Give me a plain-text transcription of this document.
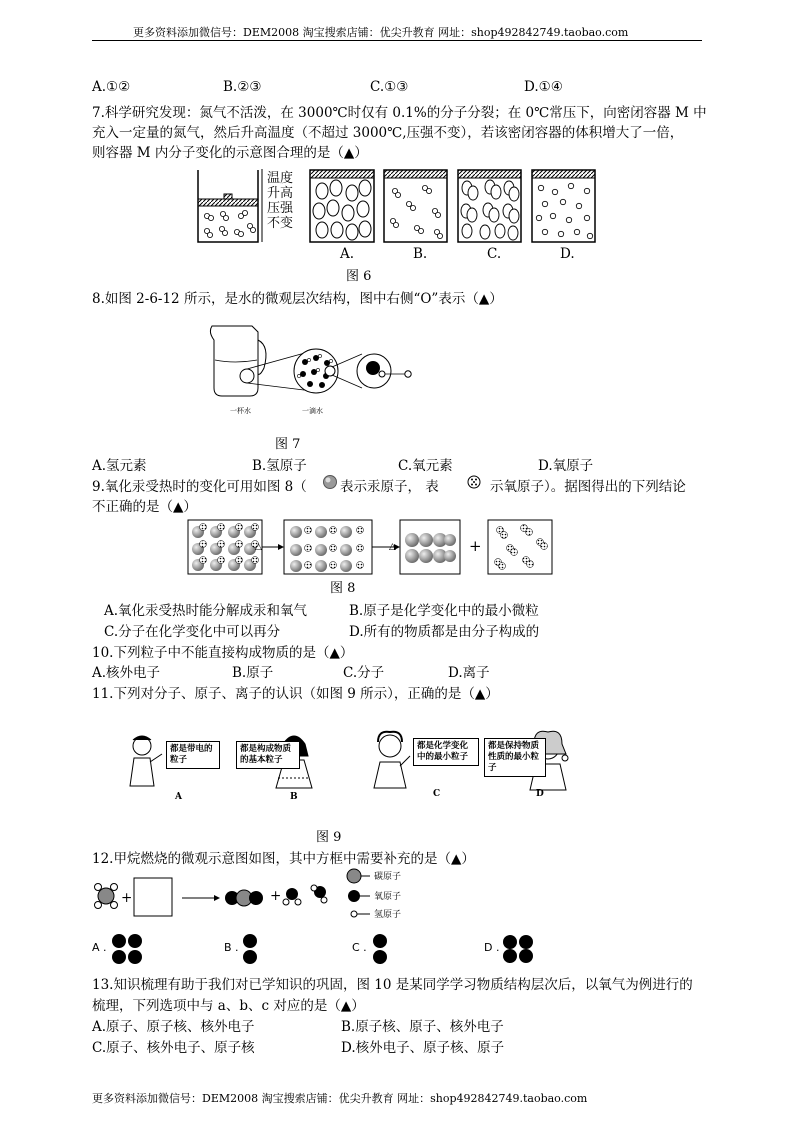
更多资料添加微信号：DEM2008 淘宝搜索店铺：优尖升教育 网址：shop492842749.taobao.com
A.①②	B.②③	C.①③	D.①④
7.科学研究发现：氮气不活泼，在 3000℃时仅有 0.1%的分子分裂；在 0℃常压下，向密闭容器 M 中
充入一定量的氮气，然后升高温度（不超过 3000℃,压强不变），若该密闭容器的体积增大了一倍，
则容器 M 内分子变化的示意图合理的是（▲）
温度
升高
压强
不变
A.	B.	C.	D.
图 6
8.如图 2-6-12 所示，是水的微观层次结构，图中右侧“O”表示（▲）
一杯水	一滴水
图 7
A.氢元素	B.氢原子	C.氧元素	D.氧原子
9.氧化汞受热时的变化可用如图 8（ 表示汞原子， 表	示氧原子）。据图得出的下列结论
不正确的是（▲）
△	△	+
图 8
A.氧化汞受热时能分解成汞和氧气	B.原子是化学变化中的最小微粒
C.分子在化学变化中可以再分	D.所有的物质都是由分子构成的
10.下列粒子中不能直接构成物质的是（▲）
A.核外电子	B.原子	C.分子	D.离子
11.下列对分子、原子、离子的认识（如图 9 所示），正确的是（▲）
都是带电的粒子
都是构成物质的基本粒子
都是化学变化中的最小粒子
都是保持物质性质的最小粒子
A	B	C	D
图 9
12.甲烷燃烧的微观示意图如图，其中方框中需要补充的是（▲）
+	+
碳原子
氧原子
氢原子
A .	B .	C .	D .
13.知识梳理有助于我们对已学知识的巩固，图 10 是某同学学习物质结构层次后，以氧气为例进行的
梳理，下列选项中与 a、b、c 对应的是（▲）
A.原子、原子核、核外电子	B.原子核、原子、核外电子
C.原子、核外电子、原子核	D.核外电子、原子核、原子
更多资料添加微信号：DEM2008 淘宝搜索店铺：优尖升教育 网址：shop492842749.taobao.com
